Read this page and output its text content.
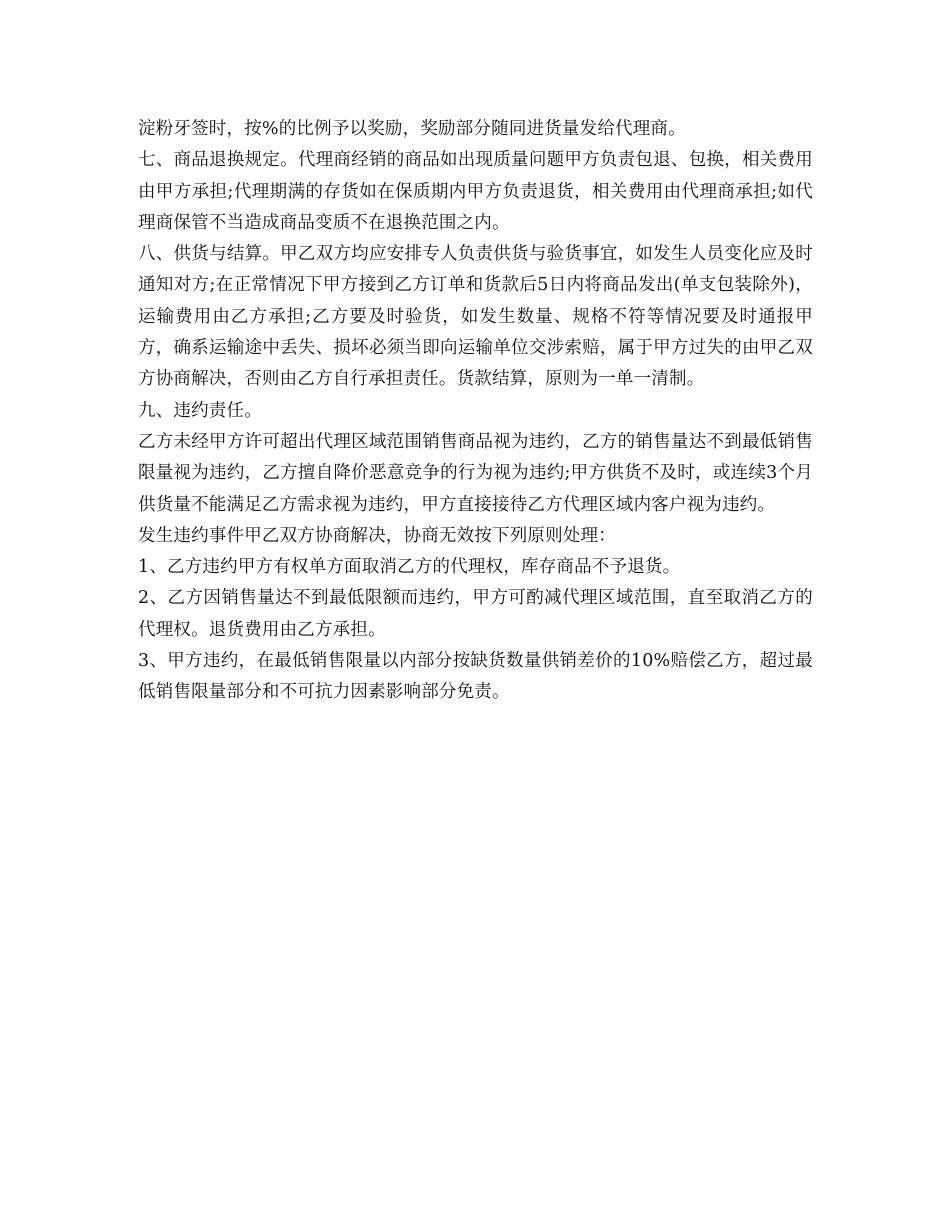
淀粉牙签时，按%的比例予以奖励，奖励部分随同进货量发给代理商。

七、商品退换规定。代理商经销的商品如出现质量问题甲方负责包退、包换，相关费用由甲方承担;代理期满的存货如在保质期内甲方负责退货，相关费用由代理商承担;如代理商保管不当造成商品变质不在退换范围之内。

八、供货与结算。甲乙双方均应安排专人负责供货与验货事宜，如发生人员变化应及时通知对方;在正常情况下甲方接到乙方订单和货款后5日内将商品发出(单支包装除外)，运输费用由乙方承担;乙方要及时验货，如发生数量、规格不符等情况要及时通报甲方，确系运输途中丢失、损坏必须当即向运输单位交涉索赔，属于甲方过失的由甲乙双方协商解决，否则由乙方自行承担责任。货款结算，原则为一单一清制。

九、违约责任。

乙方未经甲方许可超出代理区域范围销售商品视为违约，乙方的销售量达不到最低销售限量视为违约，乙方擅自降价恶意竞争的行为视为违约;甲方供货不及时，或连续3个月供货量不能满足乙方需求视为违约，甲方直接接待乙方代理区域内客户视为违约。

发生违约事件甲乙双方协商解决，协商无效按下列原则处理：

1、乙方违约甲方有权单方面取消乙方的代理权，库存商品不予退货。

2、乙方因销售量达不到最低限额而违约，甲方可酌减代理区域范围，直至取消乙方的代理权。退货费用由乙方承担。

3、甲方违约，在最低销售限量以内部分按缺货数量供销差价的10%赔偿乙方，超过最低销售限量部分和不可抗力因素影响部分免责。
